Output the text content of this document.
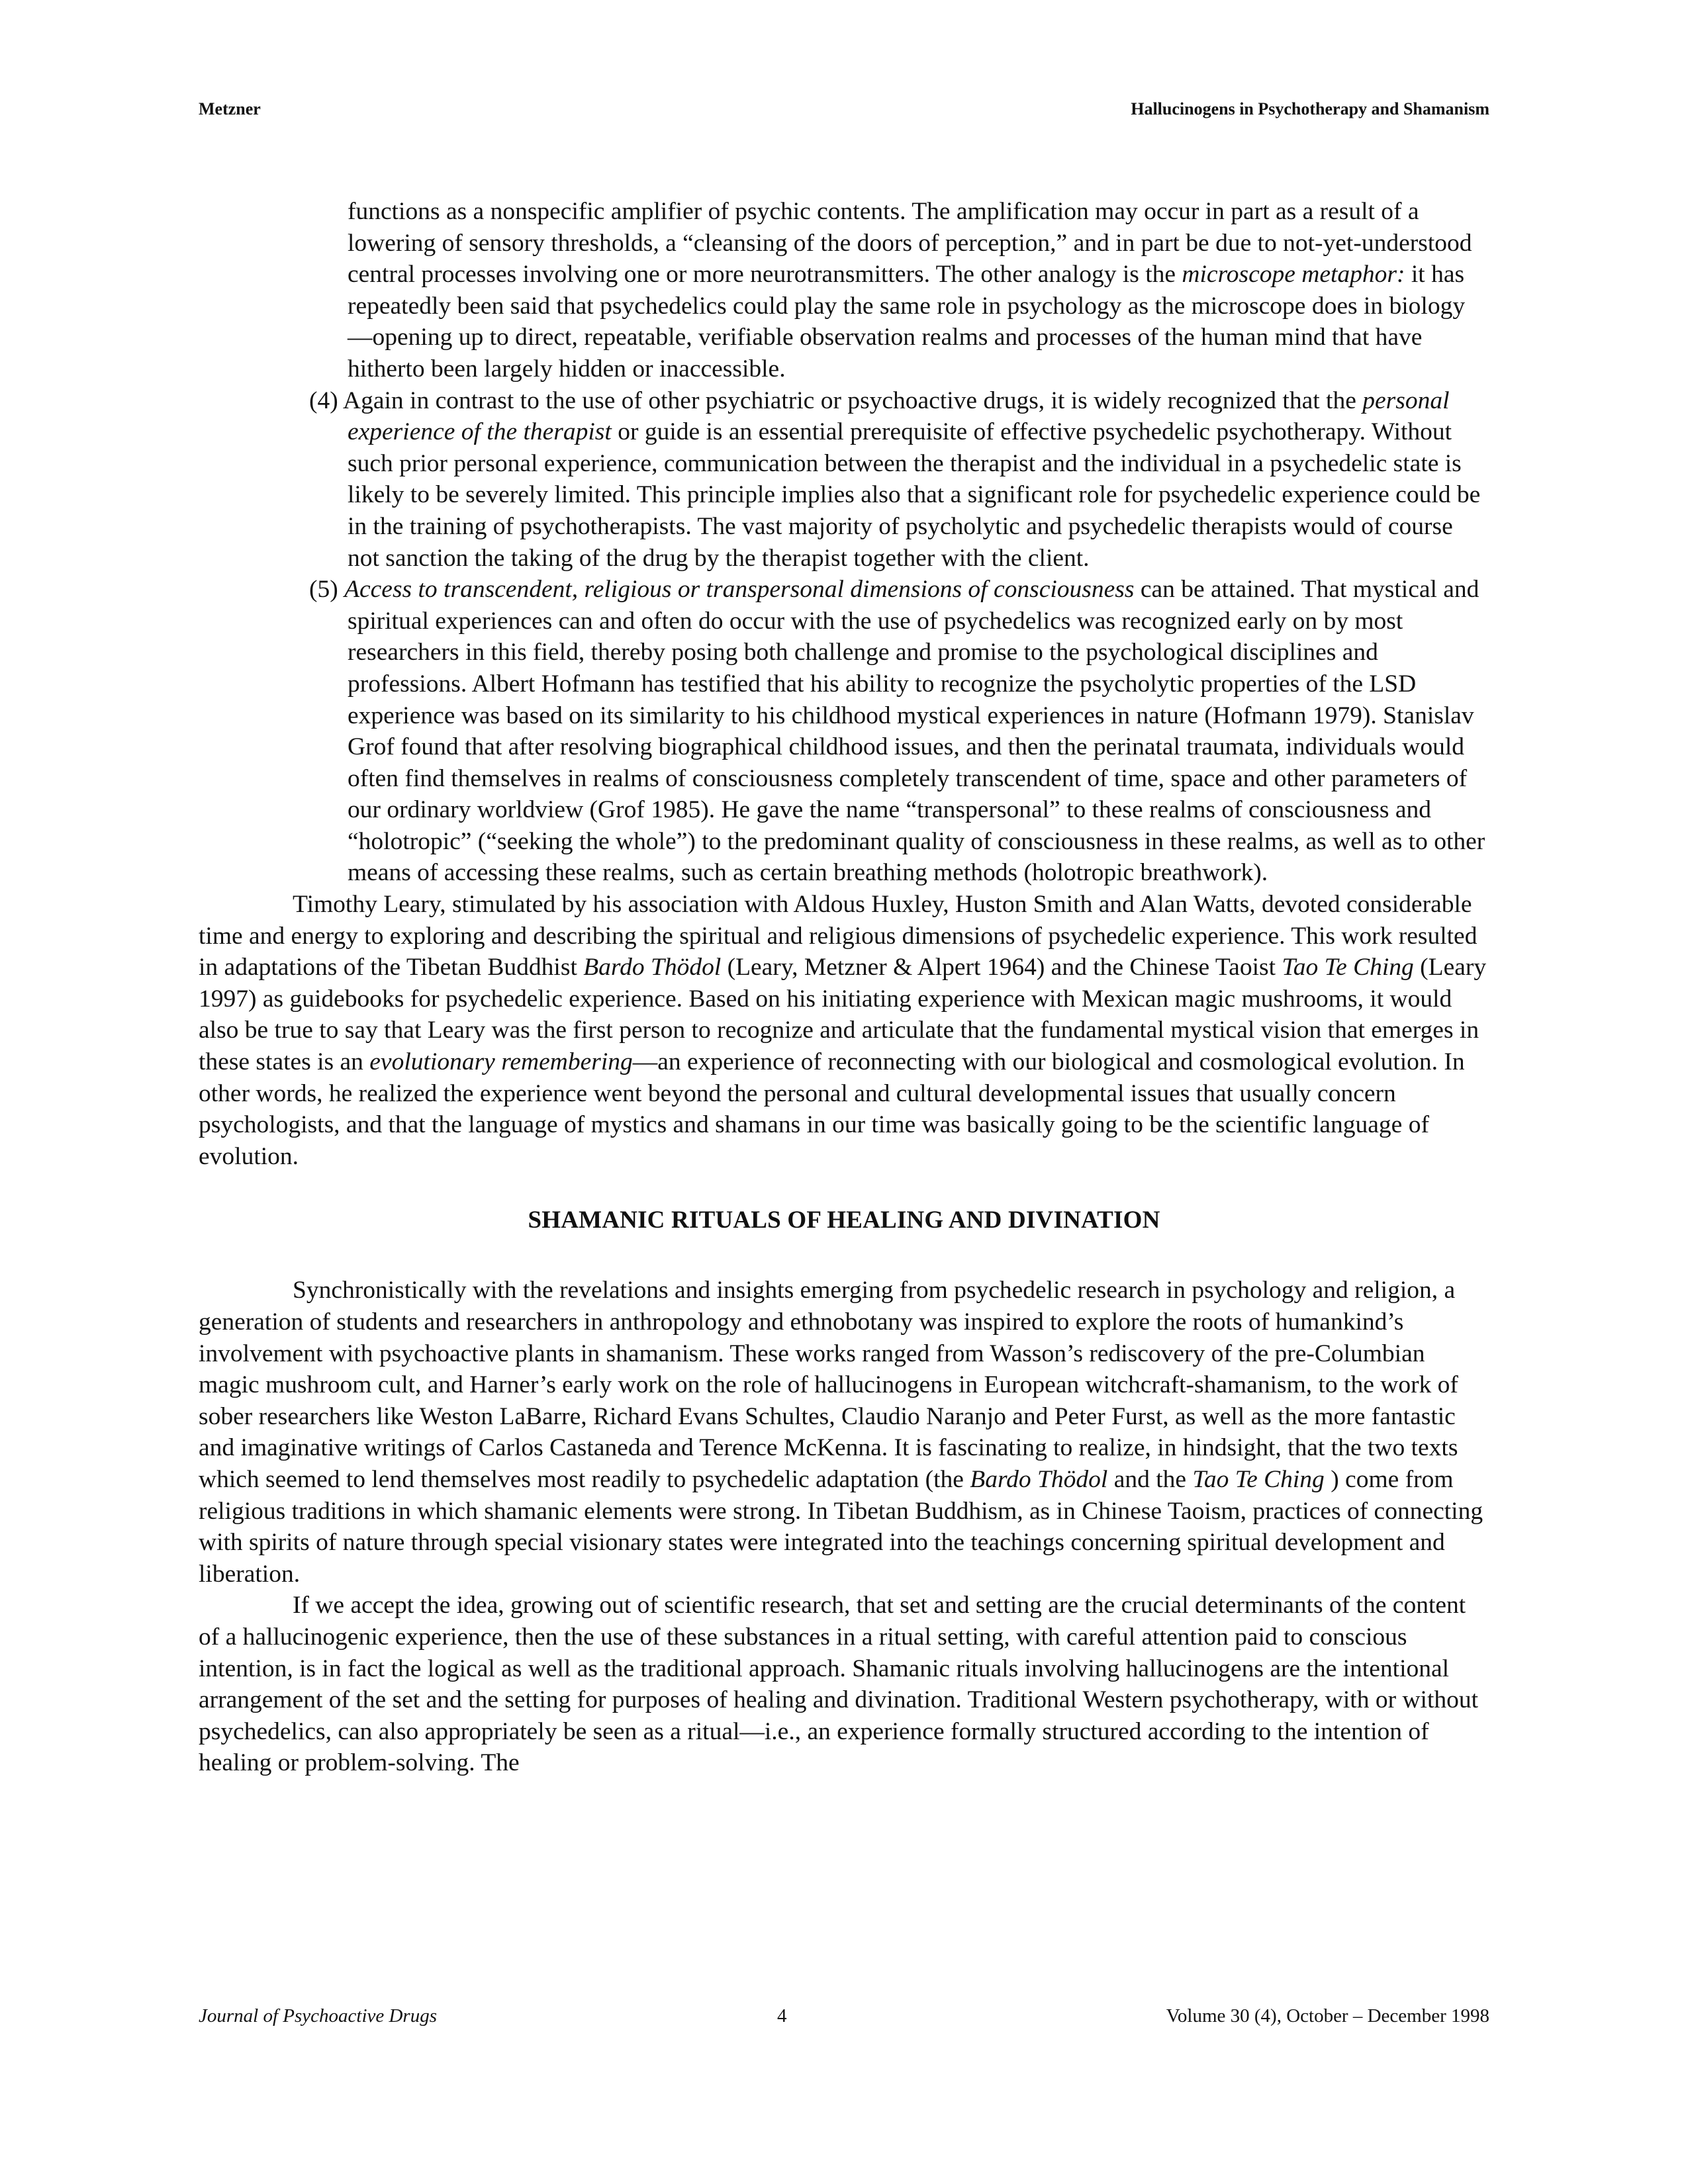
Metzner	Hallucinogens in Psychotherapy and Shamanism

functions as a nonspecific amplifier of psychic contents. The amplification may occur in part as a result of a lowering of sensory thresholds, a “cleansing of the doors of perception,” and in part be due to not-yet-understood central processes involving one or more neurotransmitters. The other analogy is the microscope metaphor: it has repeatedly been said that psychedelics could play the same role in psychology as the microscope does in biology—opening up to direct, repeatable, verifiable observation realms and processes of the human mind that have hitherto been largely hidden or inaccessible.

(4) Again in contrast to the use of other psychiatric or psychoactive drugs, it is widely recognized that the personal experience of the therapist or guide is an essential prerequisite of effective psychedelic psychotherapy. Without such prior personal experience, communication between the therapist and the individual in a psychedelic state is likely to be severely limited. This principle implies also that a significant role for psychedelic experience could be in the training of psychotherapists. The vast majority of psycholytic and psychedelic therapists would of course not sanction the taking of the drug by the therapist together with the client.

(5) Access to transcendent, religious or transpersonal dimensions of consciousness can be attained. That mystical and spiritual experiences can and often do occur with the use of psychedelics was recognized early on by most researchers in this field, thereby posing both challenge and promise to the psychological disciplines and professions. Albert Hofmann has testified that his ability to recognize the psycholytic properties of the LSD experience was based on its similarity to his childhood mystical experiences in nature (Hofmann 1979). Stanislav Grof found that after resolving biographical childhood issues, and then the perinatal traumata, individuals would often find themselves in realms of consciousness completely transcendent of time, space and other parameters of our ordinary worldview (Grof 1985). He gave the name “transpersonal” to these realms of consciousness and “holotropic” (“seeking the whole”) to the predominant quality of consciousness in these realms, as well as to other means of accessing these realms, such as certain breathing methods (holotropic breathwork).

Timothy Leary, stimulated by his association with Aldous Huxley, Huston Smith and Alan Watts, devoted considerable time and energy to exploring and describing the spiritual and religious dimensions of psychedelic experience. This work resulted in adaptations of the Tibetan Buddhist Bardo Thödol (Leary, Metzner & Alpert 1964) and the Chinese Taoist Tao Te Ching (Leary 1997) as guidebooks for psychedelic experience. Based on his initiating experience with Mexican magic mushrooms, it would also be true to say that Leary was the first person to recognize and articulate that the fundamental mystical vision that emerges in these states is an evolutionary remembering—an experience of reconnecting with our biological and cosmological evolution. In other words, he realized the experience went beyond the personal and cultural developmental issues that usually concern psychologists, and that the language of mystics and shamans in our time was basically going to be the scientific language of evolution.

SHAMANIC RITUALS OF HEALING AND DIVINATION

Synchronistically with the revelations and insights emerging from psychedelic research in psychology and religion, a generation of students and researchers in anthropology and ethnobotany was inspired to explore the roots of humankind’s involvement with psychoactive plants in shamanism. These works ranged from Wasson’s rediscovery of the pre-Columbian magic mushroom cult, and Harner’s early work on the role of hallucinogens in European witchcraft-shamanism, to the work of sober researchers like Weston LaBarre, Richard Evans Schultes, Claudio Naranjo and Peter Furst, as well as the more fantastic and imaginative writings of Carlos Castaneda and Terence McKenna. It is fascinating to realize, in hindsight, that the two texts which seemed to lend themselves most readily to psychedelic adaptation (the Bardo Thödol and the Tao Te Ching ) come from religious traditions in which shamanic elements were strong. In Tibetan Buddhism, as in Chinese Taoism, practices of connecting with spirits of nature through special visionary states were integrated into the teachings concerning spiritual development and liberation.

If we accept the idea, growing out of scientific research, that set and setting are the crucial determinants of the content of a hallucinogenic experience, then the use of these substances in a ritual setting, with careful attention paid to conscious intention, is in fact the logical as well as the traditional approach. Shamanic rituals involving hallucinogens are the intentional arrangement of the set and the setting for purposes of healing and divination. Traditional Western psychotherapy, with or without psychedelics, can also appropriately be seen as a ritual—i.e., an experience formally structured according to the intention of healing or problem-solving. The

Journal of Psychoactive Drugs	4	Volume 30 (4), October – December 1998
